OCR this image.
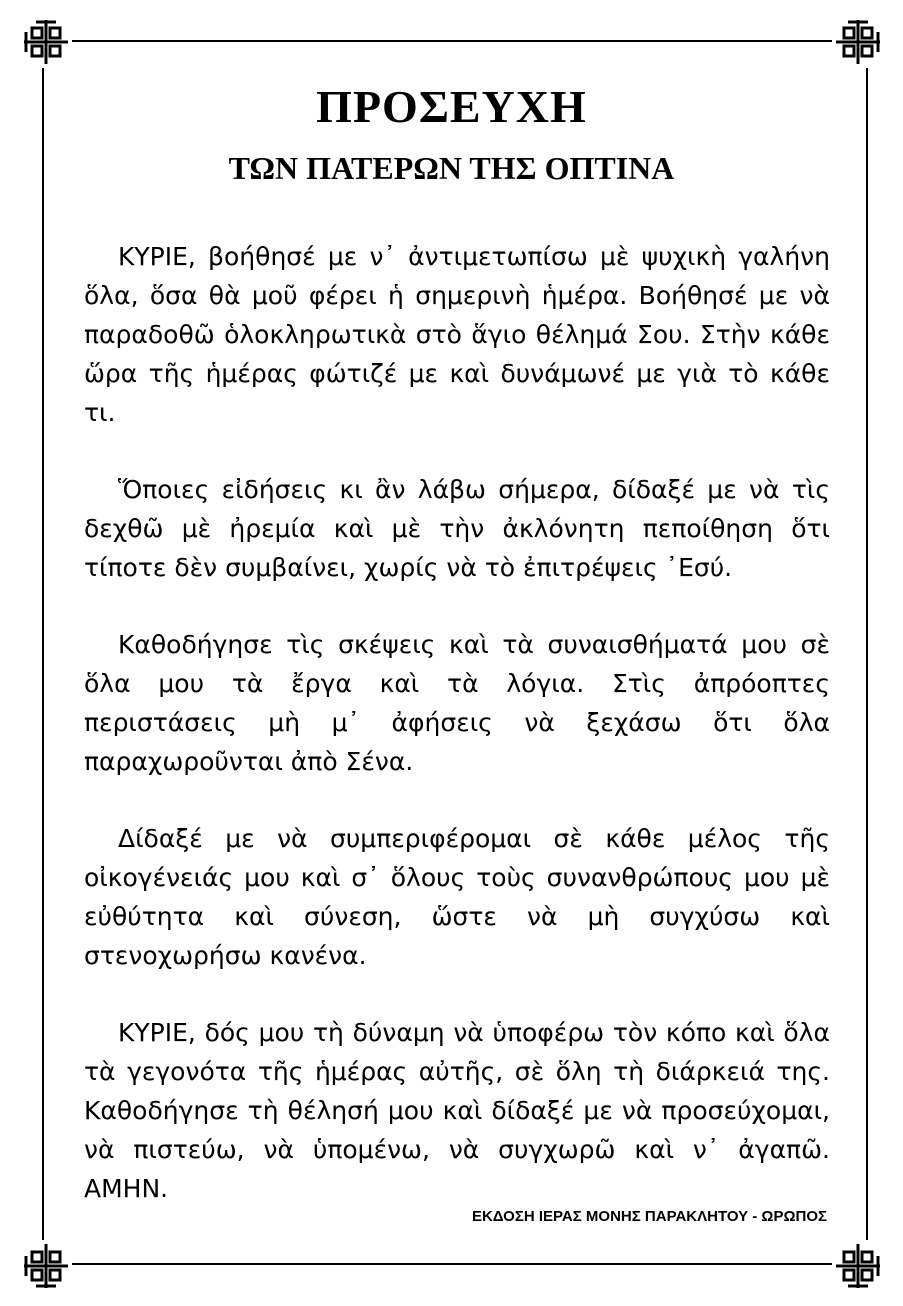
ΠΡΟΣΕΥΧΗ
ΤΩΝ ΠΑΤΕΡΩΝ ΤΗΣ ΟΠΤΙΝΑ

ΚΥΡΙΕ, βοήθησέ με ν᾽ ἀντιμετωπίσω μὲ ψυχικὴ γαλήνη ὅλα, ὅσα θὰ μοῦ φέρει ἡ σημερινὴ ἡμέρα. Βοήθησέ με νὰ παραδοθῶ ὁλοκληρωτικὰ στὸ ἅγιο θέλημά Σου. Στὴν κάθε ὥρα τῆς ἡμέρας φώτιζέ με καὶ δυνάμωνέ με γιὰ τὸ κάθε τι.

Ὅποιες εἰδήσεις κι ἂν λάβω σήμερα, δίδαξέ με νὰ τὶς δεχθῶ μὲ ἠρεμία καὶ μὲ τὴν ἀκλόνητη πεποίθηση ὅτι τίποτε δὲν συμβαίνει, χωρίς νὰ τὸ ἐπιτρέψεις ᾽Εσύ.

Καθοδήγησε τὶς σκέψεις καὶ τὰ συναισθήματά μου σὲ ὅλα μου τὰ ἔργα καὶ τὰ λόγια. Στὶς ἀπρόοπτες περιστάσεις μὴ μ᾽ ἀφήσεις νὰ ξεχάσω ὅτι ὅλα παραχωροῦνται ἀπὸ Σένα.

Δίδαξέ με νὰ συμπεριφέρομαι σὲ κάθε μέλος τῆς οἰκογένειάς μου καὶ σ᾽ ὅλους τοὺς συνανθρώπους μου μὲ εὐθύτητα καὶ σύνεση, ὥστε νὰ μὴ συγχύσω καὶ στενοχωρήσω κανένα.

ΚΥΡΙΕ, δός μου τὴ δύναμη νὰ ὑποφέρω τὸν κόπο καὶ ὅλα τὰ γεγονότα τῆς ἡμέρας αὐτῆς, σὲ ὅλη τὴ διάρκειά της. Καθοδήγησε τὴ θέλησή μου καὶ δίδαξέ με νὰ προσεύχομαι, νὰ πιστεύω, νὰ ὑπομένω, νὰ συγχωρῶ καὶ ν᾽ ἀγαπῶ. ΑΜΗΝ.

ΕΚΔΟΣΗ ΙΕΡΑΣ ΜΟΝΗΣ ΠΑΡΑΚΛΗΤΟΥ - ΩΡΩΠΟΣ
